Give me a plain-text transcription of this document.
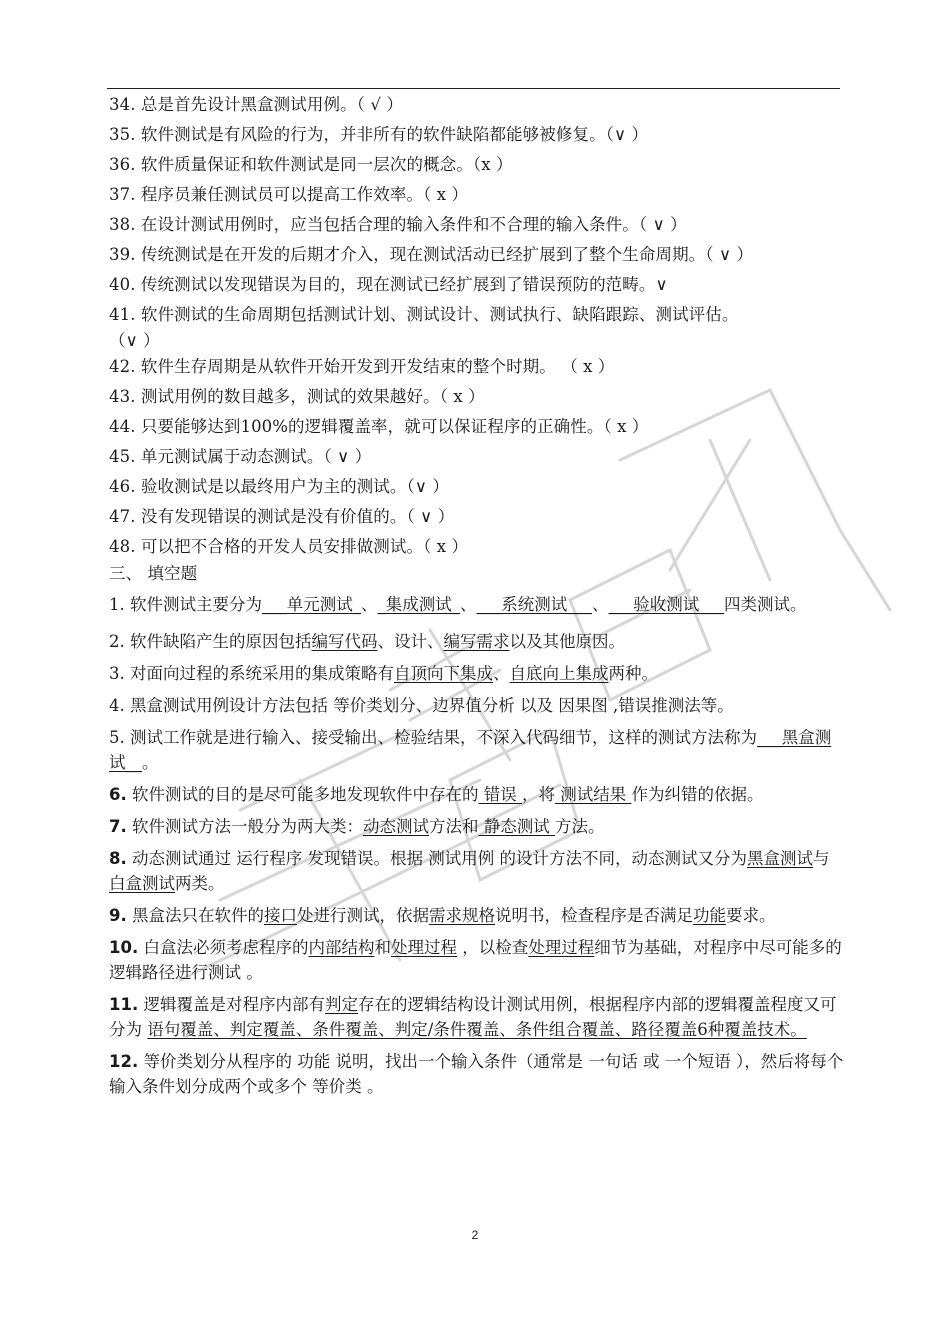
34. 总是首先设计黑盒测试用例。（ √ ）
35. 软件测试是有风险的行为，并非所有的软件缺陷都能够被修复。（∨ ）
36. 软件质量保证和软件测试是同一层次的概念。（x ）
37. 程序员兼任测试员可以提高工作效率。（ x ）
38. 在设计测试用例时，应当包括合理的输入条件和不合理的输入条件。（ ∨ ）
39. 传统测试是在开发的后期才介入，现在测试活动已经扩展到了整个生命周期。（ ∨ ）
40. 传统测试以发现错误为目的，现在测试已经扩展到了错误预防的范畴。∨
41. 软件测试的生命周期包括测试计划、测试设计、测试执行、缺陷跟踪、测试评估。
（∨ ）
42. 软件生存周期是从软件开始开发到开发结束的整个时期。 （ x ）
43. 测试用例的数目越多，测试的效果越好。（ x ）
44. 只要能够达到100%的逻辑覆盖率，就可以保证程序的正确性。（ x ）
45. 单元测试属于动态测试。（ ∨ ）
46. 验收测试是以最终用户为主的测试。（∨ ）
47. 没有发现错误的测试是没有价值的。（ ∨ ）
48. 可以把不合格的开发人员安排做测试。（ x ）
三、 填空题
1. 软件测试主要分为___单元测试_、_集成测试_、___系统测试___、___验收测试___四类测试。
2. 软件缺陷产生的原因包括编写代码、设计、编写需求以及其他原因。
3. 对面向过程的系统采用的集成策略有自顶向下集成、自底向上集成两种。
4. 黑盒测试用例设计方法包括 等价类划分、边界值分析 以及 因果图 ,错误推测法等。
5. 测试工作就是进行输入、接受输出、检验结果，不深入代码细节，这样的测试方法称为___黑盒测试__。
6. 软件测试的目的是尽可能多地发现软件中存在的 错误 ，将 测试结果 作为纠错的依据。
7. 软件测试方法一般分为两大类：动态测试方法和 静态测试 方法。
8. 动态测试通过 运行程序 发现错误。根据 测试用例 的设计方法不同，动态测试又分为黑盒测试与白盒测试两类。
9. 黑盒法只在软件的接口处进行测试，依据需求规格说明书，检查程序是否满足功能要求。
10. 白盒法必须考虑程序的内部结构和处理过程 ，以检查处理过程细节为基础，对程序中尽可能多的逻辑路径进行测试 。
11. 逻辑覆盖是对程序内部有判定存在的逻辑结构设计测试用例，根据程序内部的逻辑覆盖程度又可分为 语句覆盖、判定覆盖、条件覆盖、判定/条件覆盖、条件组合覆盖、路径覆盖6种覆盖技术。
12. 等价类划分从程序的 功能 说明，找出一个输入条件（通常是 一句话 或 一个短语 ），然后将每个输入条件划分成两个或多个 等价类 。
2
